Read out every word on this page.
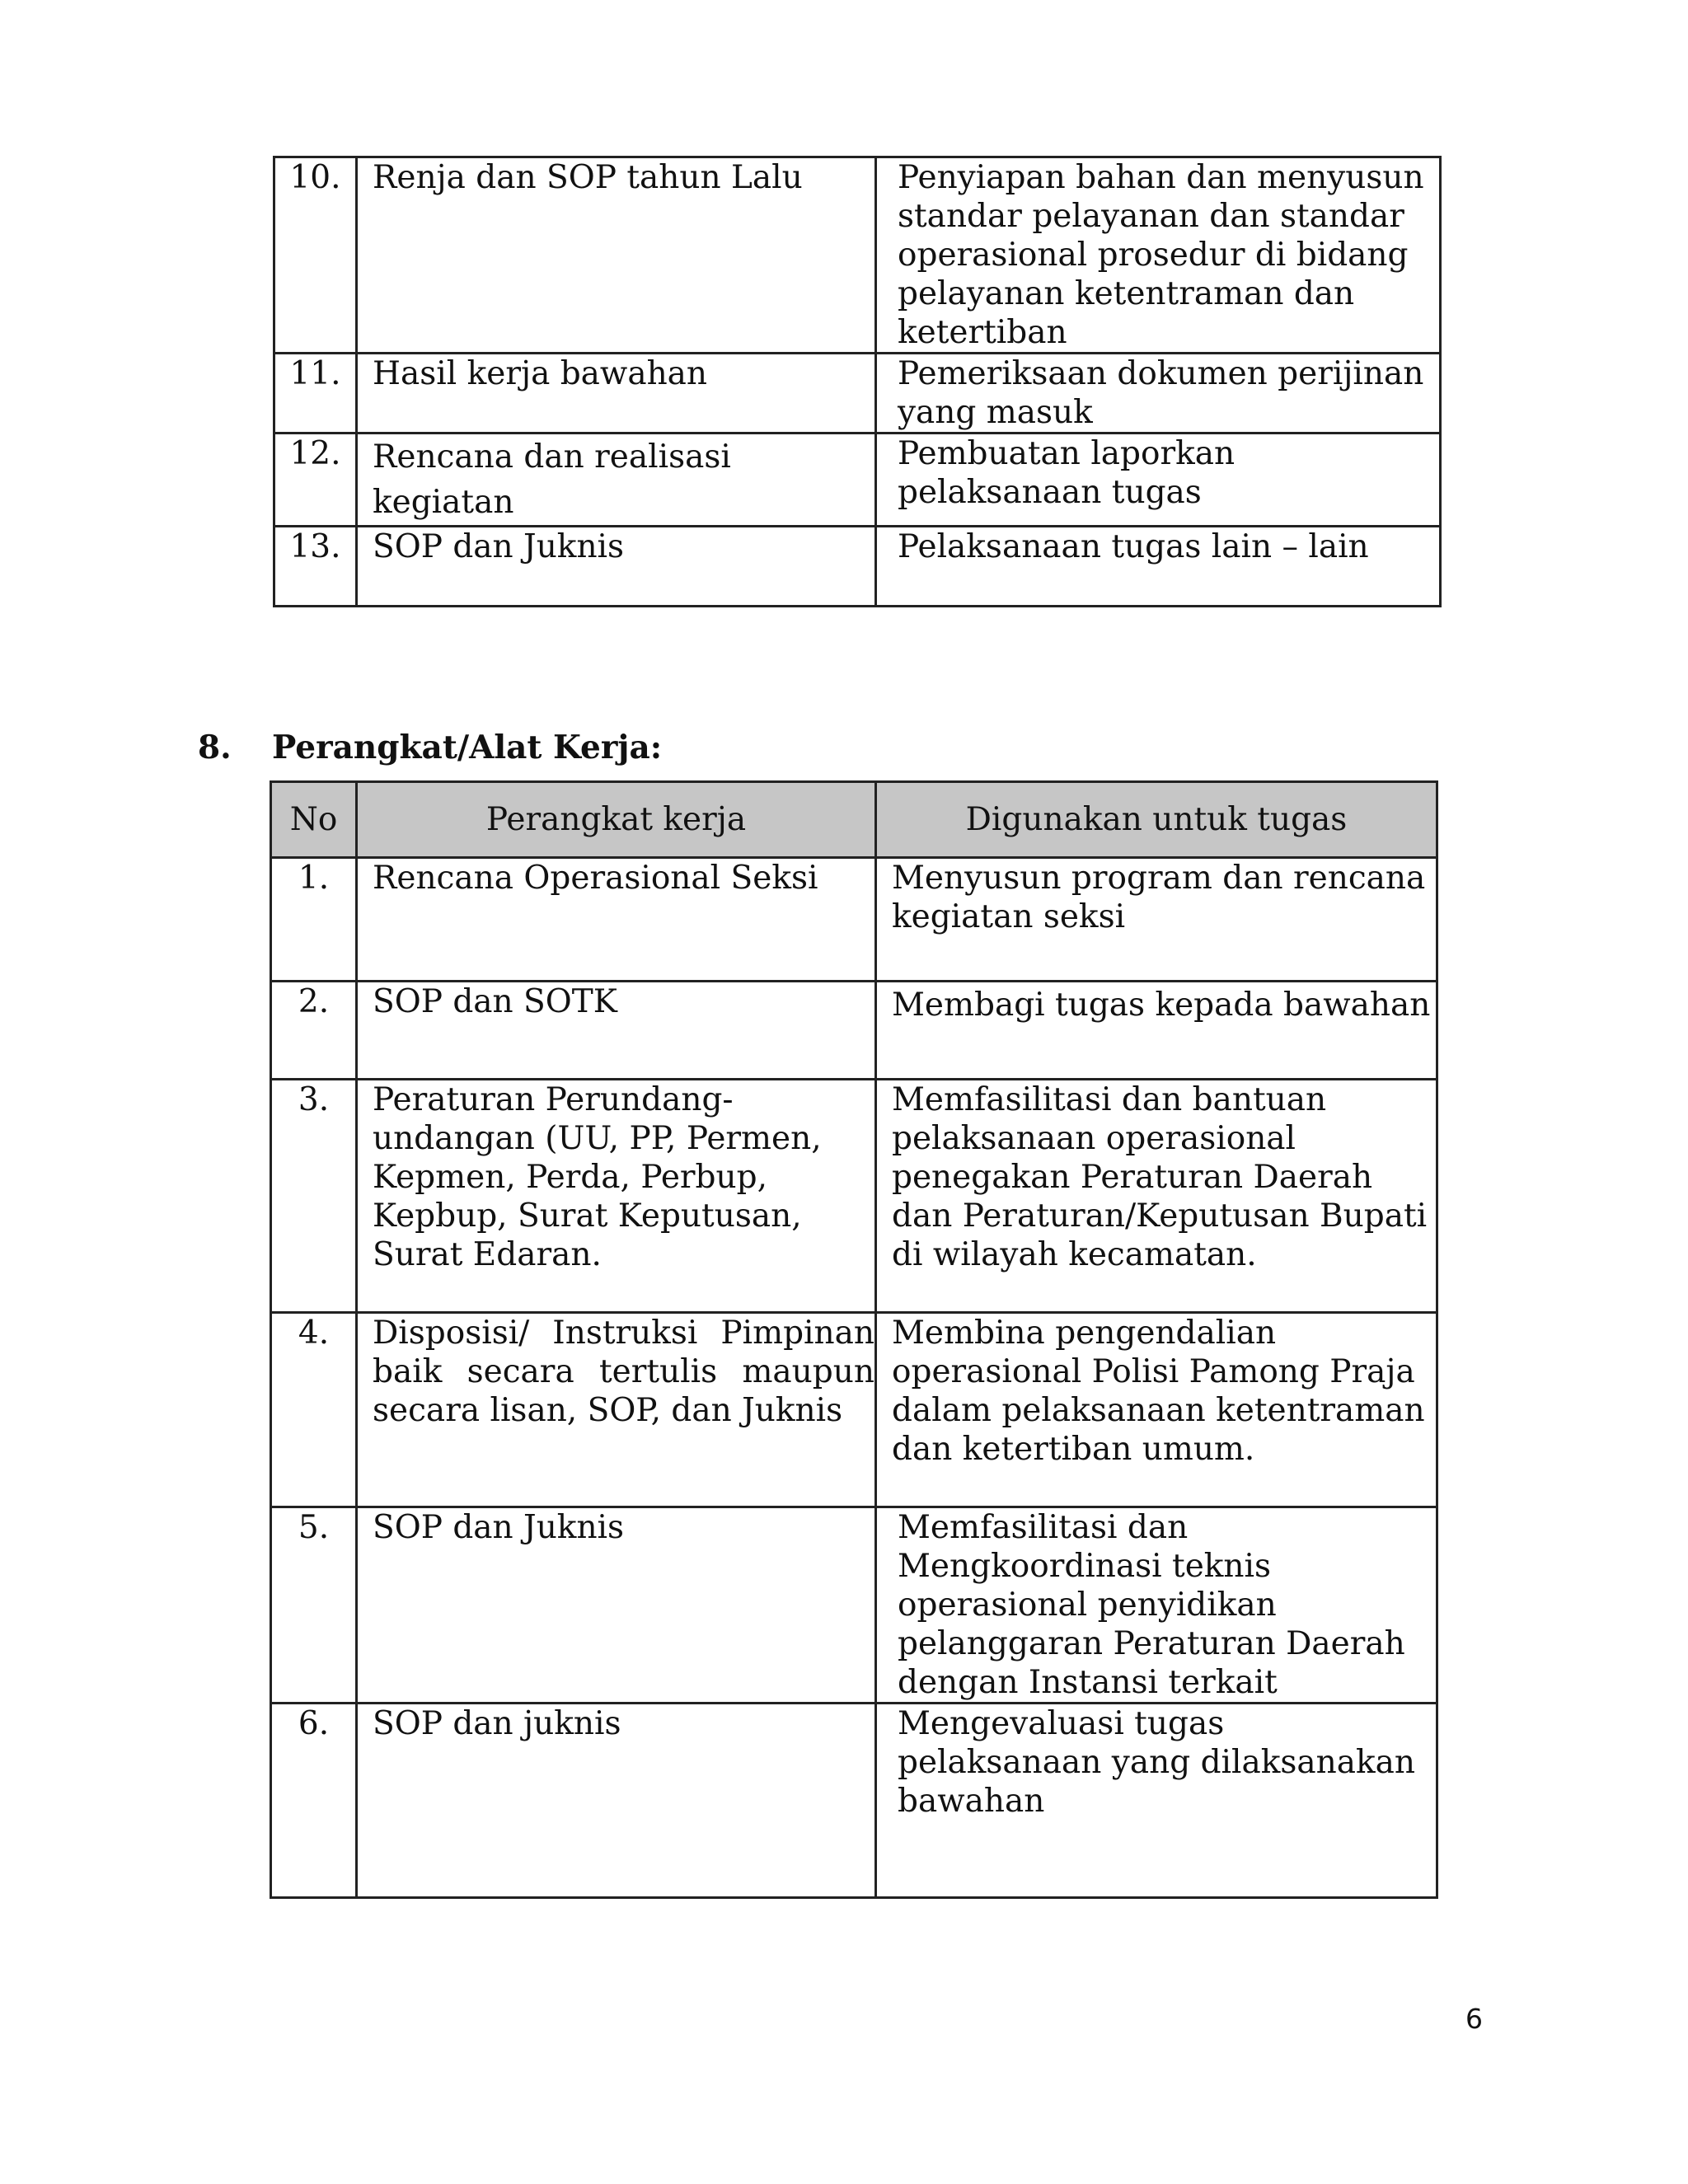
10.	Renja dan SOP tahun Lalu	Penyiapan bahan dan menyusun standar pelayanan dan standar operasional prosedur di bidang pelayanan ketentraman dan ketertiban
11.	Hasil kerja bawahan	Pemeriksaan dokumen perijinan yang masuk
12.	Rencana dan realisasi kegiatan	Pembuatan laporkan pelaksanaan tugas
13.	SOP dan Juknis	Pelaksanaan tugas lain – lain
8. Perangkat/Alat Kerja:
No	Perangkat kerja	Digunakan untuk tugas
1.	Rencana Operasional Seksi	Menyusun program dan rencana kegiatan seksi
2.	SOP dan SOTK	Membagi tugas kepada bawahan
3.	Peraturan Perundang-undangan (UU, PP, Permen, Kepmen, Perda, Perbup, Kepbup, Surat Keputusan, Surat Edaran.	Memfasilitasi dan bantuan pelaksanaan operasional penegakan Peraturan Daerah dan Peraturan/Keputusan Bupati di wilayah kecamatan.
4.	Disposisi/ Instruksi Pimpinan baik secara tertulis maupun secara lisan, SOP, dan Juknis	Membina pengendalian operasional Polisi Pamong Praja dalam pelaksanaan ketentraman dan ketertiban umum.
5.	SOP dan Juknis	Memfasilitasi dan Mengkoordinasi teknis operasional penyidikan pelanggaran Peraturan Daerah dengan Instansi terkait
6.	SOP dan juknis	Mengevaluasi tugas pelaksanaan yang dilaksanakan bawahan
6
